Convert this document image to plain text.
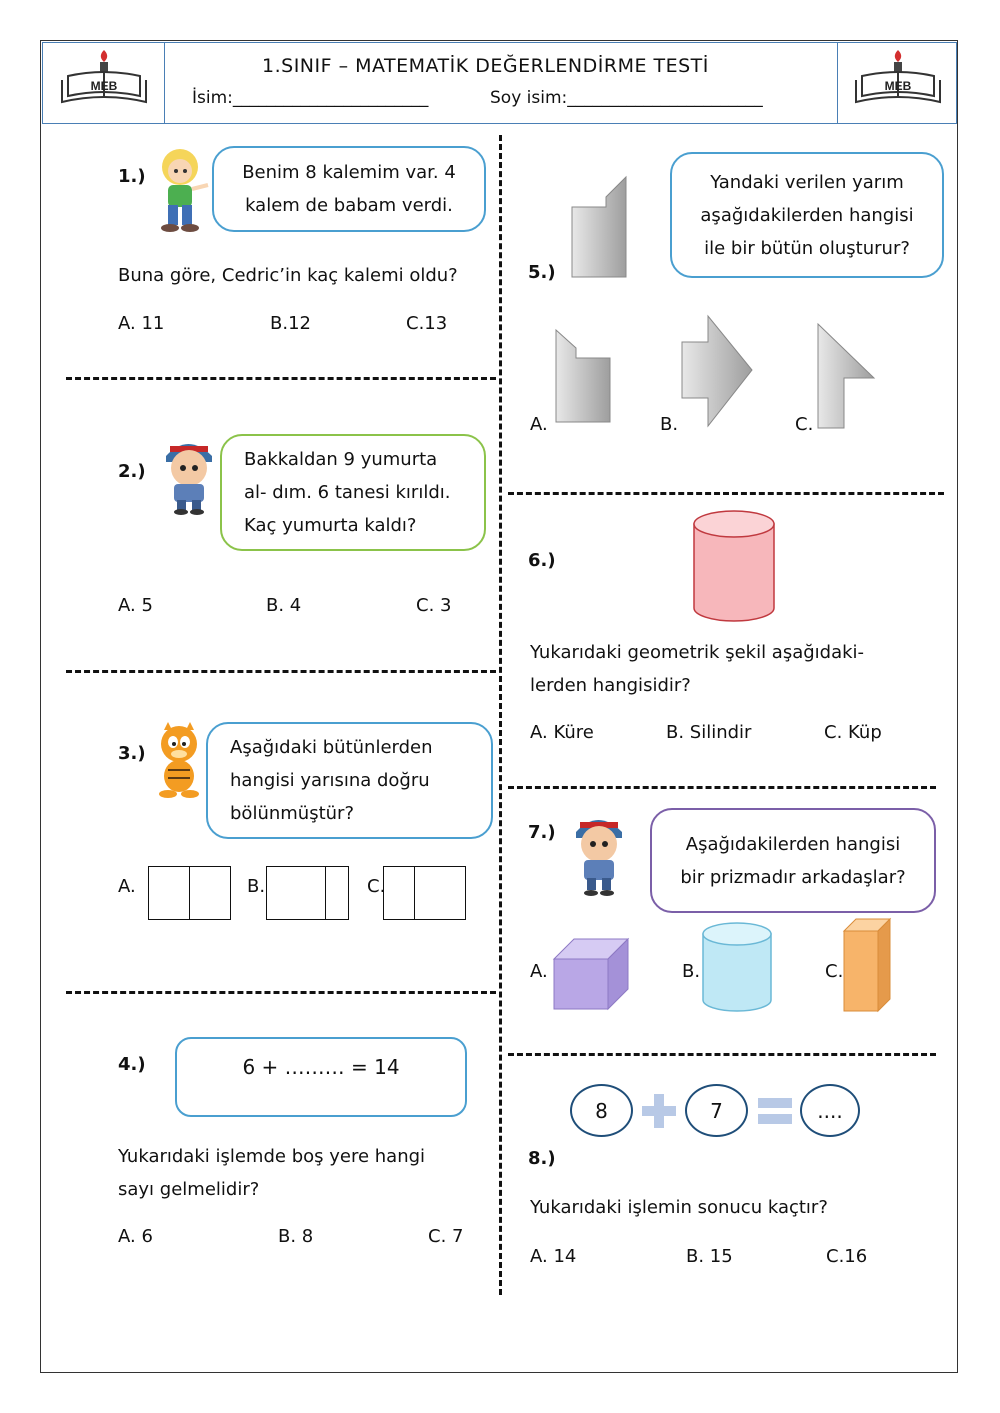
MEB	MEB
1.SINIF – MATEMATİK DEĞERLENDİRME TESTİ
İsim:_______________________	Soy isim:_______________________
1.)	Benim 8 kalemim var. 4
kalem de babam verdi.
Buna göre, Cedric’in kaç kalemi oldu?
A. 11	B.12	C.13
2.)
Bakkaldan 9 yumurta
al- dım. 6 tanesi kırıldı.
Kaç yumurta kaldı?
A. 5	B. 4	C. 3
3.)	Aşağıdaki bütünlerden
hangisi yarısına doğru
bölünmüştür?
A.	B.	C.
4.)	6 + ……… = 14
Yukarıdaki işlemde boş yere hangi
sayı gelmelidir?
A. 6	B. 8	C. 7
5.)
Yandaki verilen yarım
aşağıdakilerden hangisi
ile bir bütün oluşturur?
A.	B.	C.
6.)
Yukarıdaki geometrik şekil aşağıdaki-
lerden hangisidir?
A. Küre	B. Silindir	C. Küp
7.)
Aşağıdakilerden hangisi
bir prizmadır arkadaşlar?
A.	B.	C.
8	7	....
8.)
Yukarıdaki işlemin sonucu kaçtır?
A. 14	B. 15	C.16
